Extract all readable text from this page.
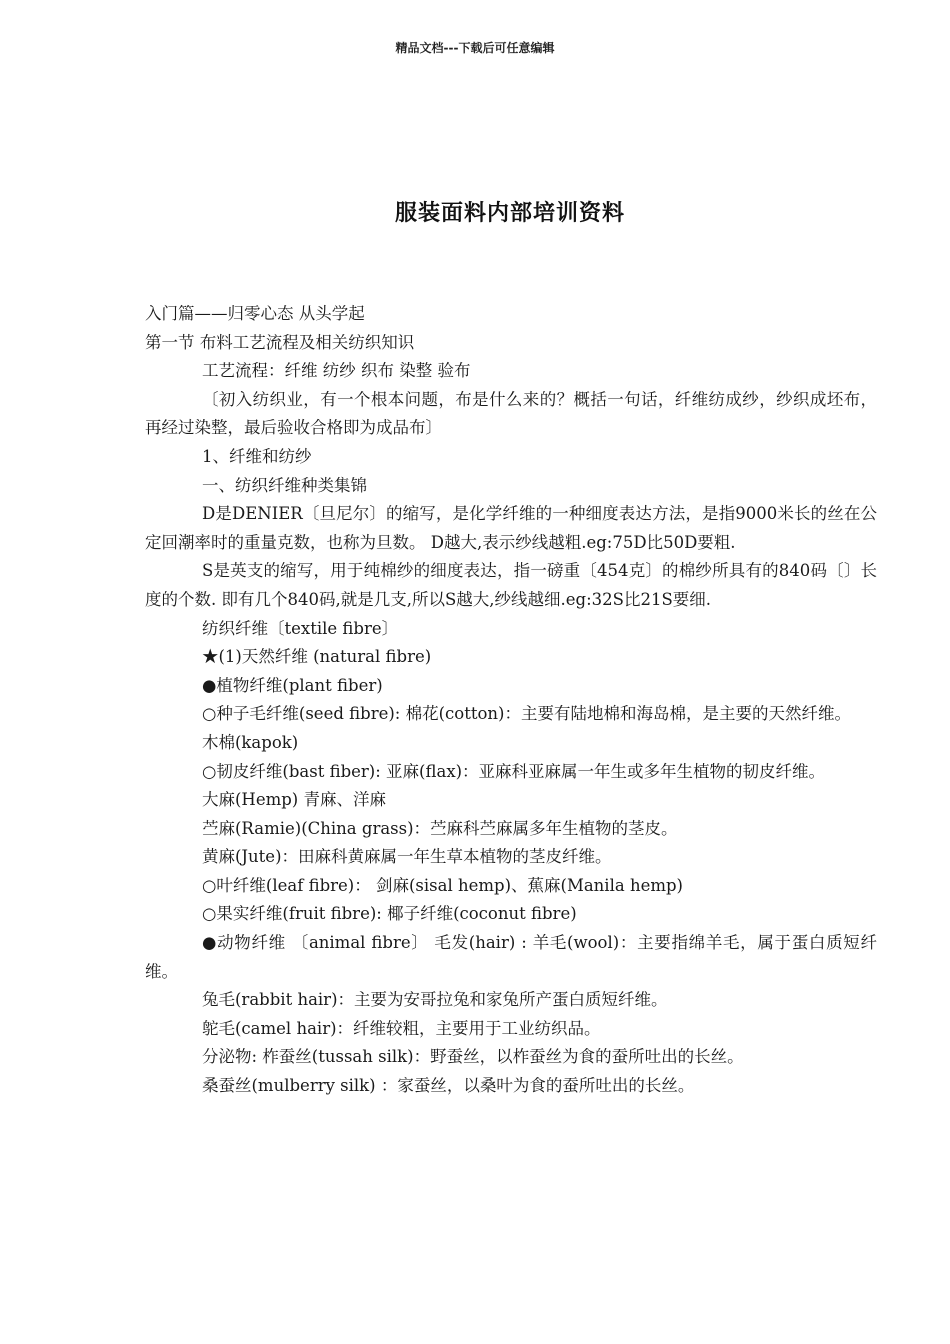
精品文档---下载后可任意编辑
服装面料内部培训资料

入门篇——归零心态 从头学起

第一节 布料工艺流程及相关纺织知识

工艺流程：纤维 纺纱 织布 染整 验布

〔初入纺织业，有一个根本问题，布是什么来的？概括一句话，纤维纺成纱，纱织成坯布，再经过染整，最后验收合格即为成品布〕

1、纤维和纺纱

一、纺织纤维种类集锦

D是DENIER〔旦尼尔〕的缩写，是化学纤维的一种细度表达方法，是指9000米长的丝在公定回潮率时的重量克数，也称为旦数。 D越大,表示纱线越粗.eg:75D比50D要粗.

S是英支的缩写，用于纯棉纱的细度表达，指一磅重〔454克〕的棉纱所具有的840码〔〕长度的个数. 即有几个840码,就是几支,所以S越大,纱线越细.eg:32S比21S要细.

纺织纤维〔textile fibre〕

★(1)天然纤维 (natural fibre)

●植物纤维(plant fiber)

○种子毛纤维(seed fibre): 棉花(cotton)：主要有陆地棉和海岛棉，是主要的天然纤维。

木棉(kapok)

○韧皮纤维(bast fiber): 亚麻(flax)：亚麻科亚麻属一年生或多年生植物的韧皮纤维。

大麻(Hemp) 青麻、洋麻

苎麻(Ramie)(China grass)：苎麻科苎麻属多年生植物的茎皮。

黄麻(Jute)：田麻科黄麻属一年生草本植物的茎皮纤维。

○叶纤维(leaf fibre)： 剑麻(sisal hemp)、蕉麻(Manila hemp)

○果实纤维(fruit fibre): 椰子纤维(coconut fibre)

●动物纤维 〔animal fibre〕 毛发(hair) : 羊毛(wool)：主要指绵羊毛，属于蛋白质短纤维。

兔毛(rabbit hair)：主要为安哥拉兔和家兔所产蛋白质短纤维。

鸵毛(camel hair)：纤维较粗，主要用于工业纺织品。

分泌物: 柞蚕丝(tussah silk)：野蚕丝，以柞蚕丝为食的蚕所吐出的长丝。

桑蚕丝(mulberry silk) ：家蚕丝，以桑叶为食的蚕所吐出的长丝。
